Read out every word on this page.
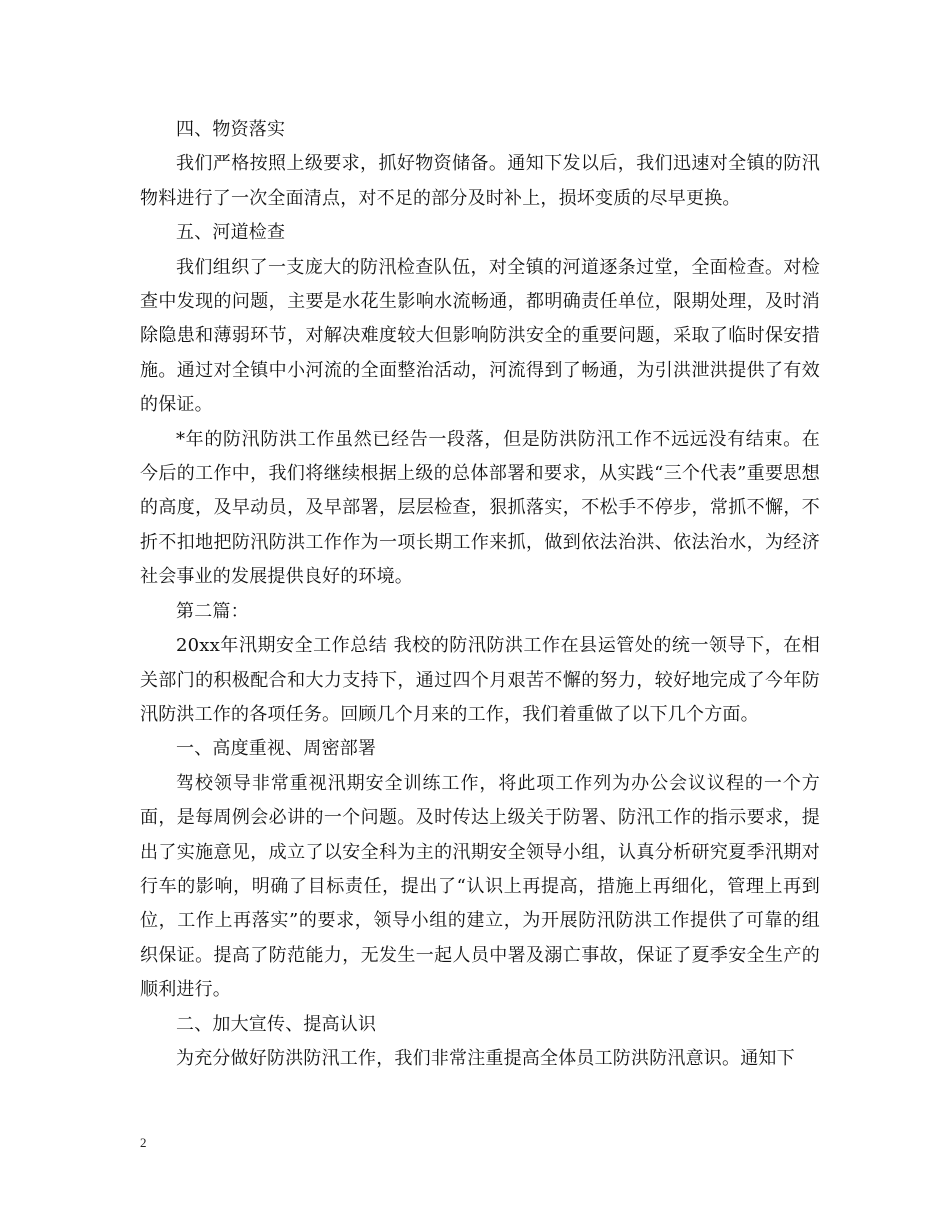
四、物资落实

我们严格按照上级要求，抓好物资储备。通知下发以后，我们迅速对全镇的防汛物料进行了一次全面清点，对不足的部分及时补上，损坏变质的尽早更换。

五、河道检查

我们组织了一支庞大的防汛检查队伍，对全镇的河道逐条过堂，全面检查。对检查中发现的问题，主要是水花生影响水流畅通，都明确责任单位，限期处理，及时消除隐患和薄弱环节，对解决难度较大但影响防洪安全的重要问题，采取了临时保安措施。通过对全镇中小河流的全面整治活动，河流得到了畅通，为引洪泄洪提供了有效的保证。

*年的防汛防洪工作虽然已经告一段落，但是防洪防汛工作不远远没有结束。在今后的工作中，我们将继续根据上级的总体部署和要求，从实践“三个代表”重要思想的高度，及早动员，及早部署，层层检查，狠抓落实，不松手不停步，常抓不懈，不折不扣地把防汛防洪工作作为一项长期工作来抓，做到依法治洪、依法治水，为经济社会事业的发展提供良好的环境。

第二篇：

20xx年汛期安全工作总结 我校的防汛防洪工作在县运管处的统一领导下，在相关部门的积极配合和大力支持下，通过四个月艰苦不懈的努力，较好地完成了今年防汛防洪工作的各项任务。回顾几个月来的工作，我们着重做了以下几个方面。

一、高度重视、周密部署

驾校领导非常重视汛期安全训练工作，将此项工作列为办公会议议程的一个方面，是每周例会必讲的一个问题。及时传达上级关于防署、防汛工作的指示要求，提出了实施意见，成立了以安全科为主的汛期安全领导小组，认真分析研究夏季汛期对行车的影响，明确了目标责任，提出了“认识上再提高，措施上再细化，管理上再到位，工作上再落实”的要求，领导小组的建立，为开展防汛防洪工作提供了可靠的组织保证。提高了防范能力，无发生一起人员中署及溺亡事故，保证了夏季安全生产的顺利进行。

二、加大宣传、提高认识

为充分做好防洪防汛工作，我们非常注重提高全体员工防洪防汛意识。通知下

2
